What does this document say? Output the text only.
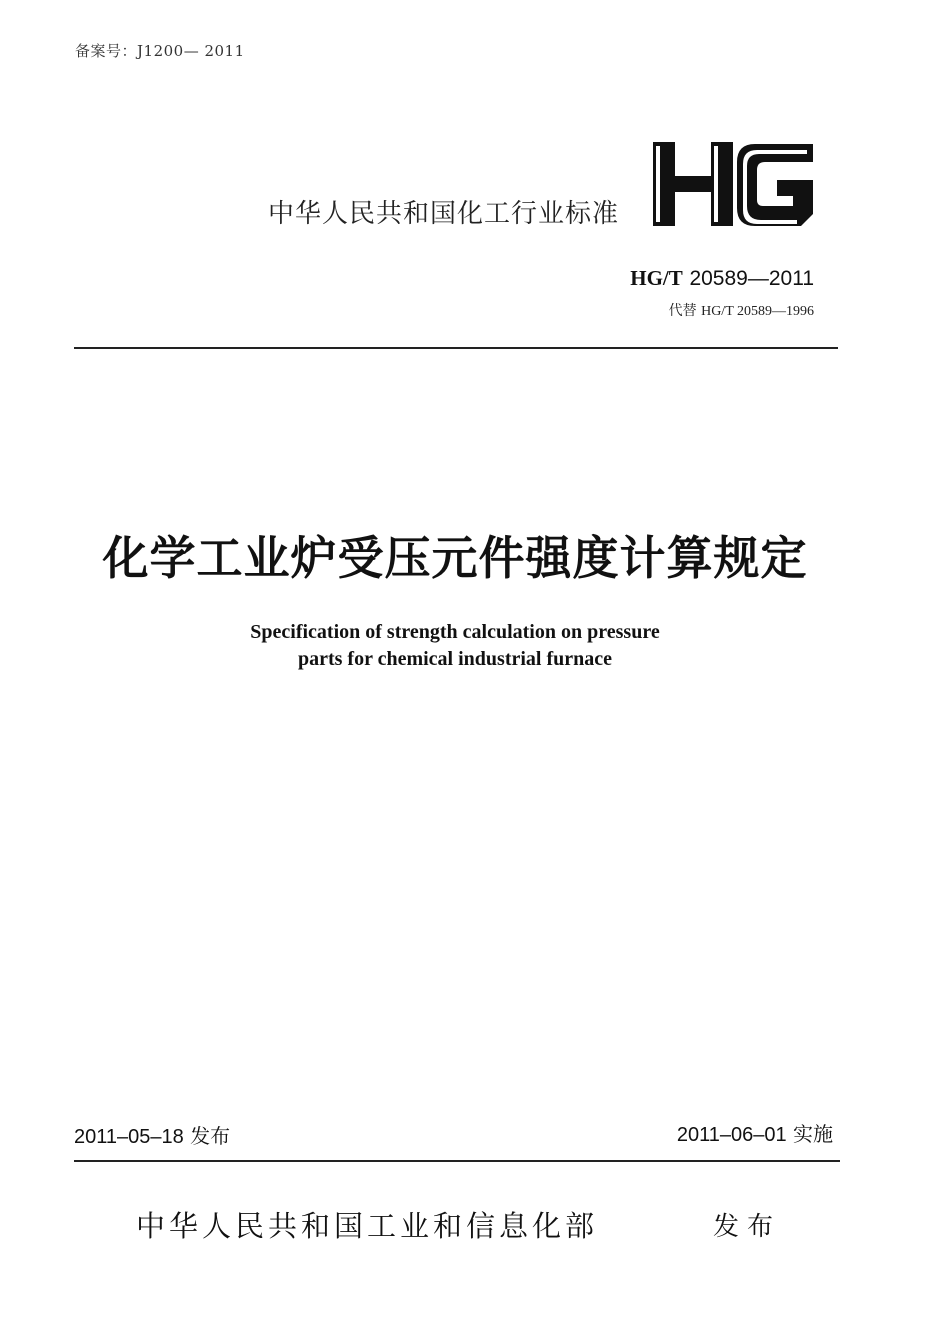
备案号：J1200— 2011
中华人民共和国化工行业标准
HG/T 20589—2011
代替 HG/T 20589—1996
化学工业炉受压元件强度计算规定
Specification of strength calculation on pressure
parts for chemical industrial furnace
2011–05–18 发布	2011–06–01 实施
中华人民共和国工业和信息化部	发布
